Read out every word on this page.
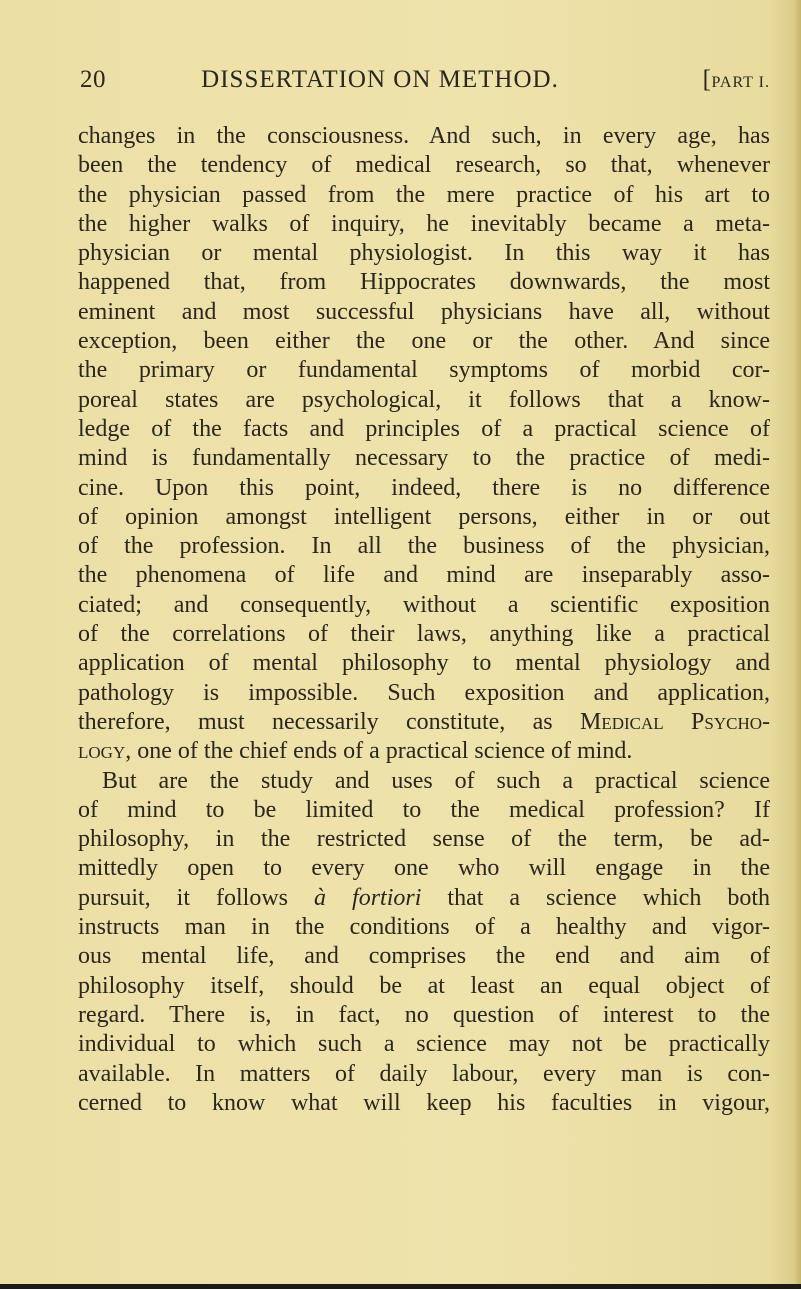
20	DISSERTATION ON METHOD.	[PART I.
changes in the consciousness. And such, in every age, has
been the tendency of medical research, so that, whenever
the physician passed from the mere practice of his art to
the higher walks of inquiry, he inevitably became a meta-
physician or mental physiologist. In this way it has
happened that, from Hippocrates downwards, the most
eminent and most successful physicians have all, without
exception, been either the one or the other. And since
the primary or fundamental symptoms of morbid cor-
poreal states are psychological, it follows that a know-
ledge of the facts and principles of a practical science of
mind is fundamentally necessary to the practice of medi-
cine. Upon this point, indeed, there is no difference
of opinion amongst intelligent persons, either in or out
of the profession. In all the business of the physician,
the phenomena of life and mind are inseparably asso-
ciated; and consequently, without a scientific exposition
of the correlations of their laws, anything like a practical
application of mental philosophy to mental physiology and
pathology is impossible. Such exposition and application,
therefore, must necessarily constitute, as Medical Psycho-
logy, one of the chief ends of a practical science of mind.
But are the study and uses of such a practical science
of mind to be limited to the medical profession? If
philosophy, in the restricted sense of the term, be ad-
mittedly open to every one who will engage in the
pursuit, it follows à fortiori that a science which both
instructs man in the conditions of a healthy and vigor-
ous mental life, and comprises the end and aim of
philosophy itself, should be at least an equal object of
regard. There is, in fact, no question of interest to the
individual to which such a science may not be practically
available. In matters of daily labour, every man is con-
cerned to know what will keep his faculties in vigour,
